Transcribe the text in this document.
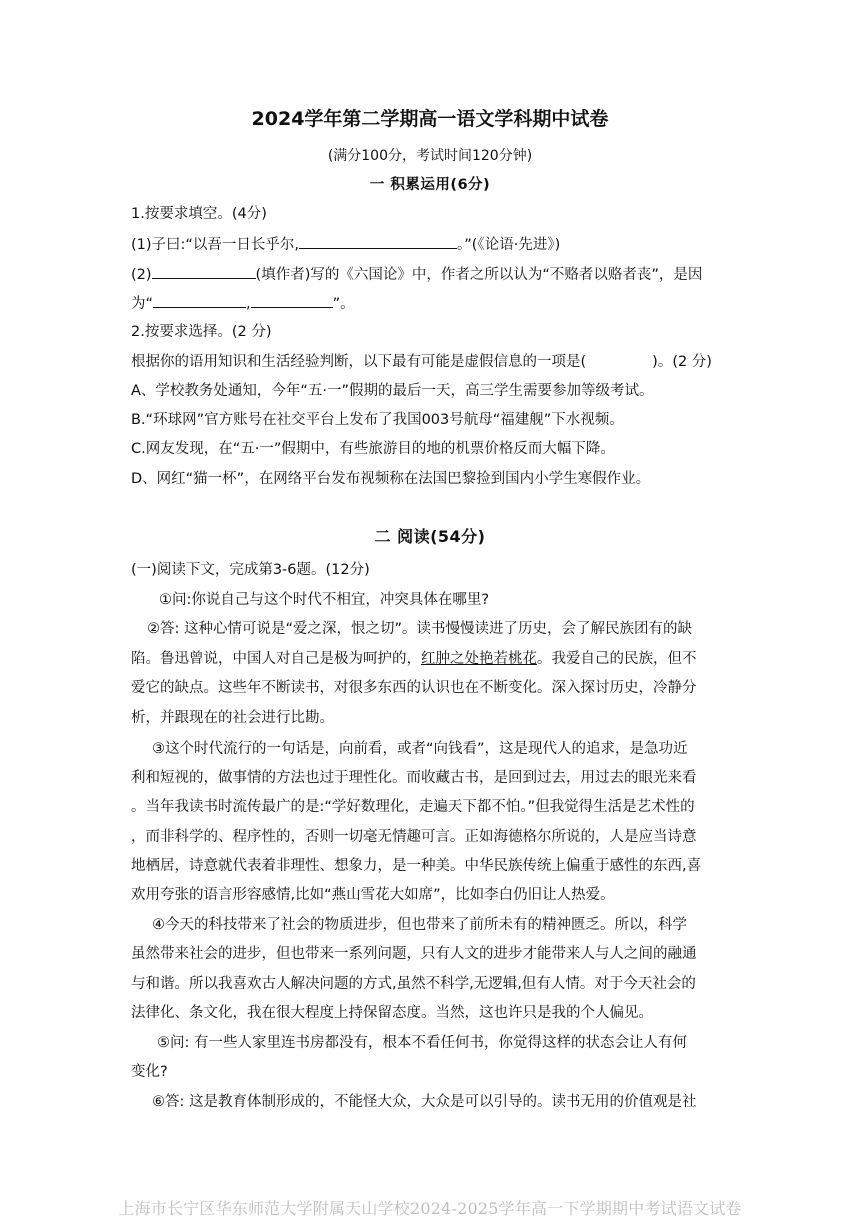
2024学年第二学期高一语文学科期中试卷
(满分100分，考试时间120分钟)
一 积累运用(6分)
1.按要求填空。(4分)
(1)子曰:“以吾一日长乎尔,	。”(《论语·先进》)
(2)	(填作者)写的《六国论》中，作者之所以认为“不赂者以赂者丧”，是因
为“	,	”。
2.按要求选择。(2 分)
根据你的语用知识和生活经验判断，以下最有可能是虚假信息的一项是(	)。(2 分)
A、学校教务处通知，今年“五·一”假期的最后一天，高三学生需要参加等级考试。
B.“环球网”官方账号在社交平台上发布了我国003号航母“福建舰”下水视频。
C.网友发现，在“五·一”假期中，有些旅游目的地的机票价格反而大幅下降。
D、网红“猫一杯”，在网络平台发布视频称在法国巴黎捡到国内小学生寒假作业。
二 阅读(54分)
(一)阅读下文，完成第3-6题。(12分)
①问:你说自己与这个时代不相宜，冲突具体在哪里?
②答: 这种心情可说是“爱之深，恨之切”。读书慢慢读进了历史，会了解民族团有的缺
陷。鲁迅曾说，中国人对自己是极为呵护的，红肿之处艳若桃花。我爱自己的民族，但不
爱它的缺点。这些年不断读书，对很多东西的认识也在不断变化。深入探讨历史，冷静分
析，并跟现在的社会进行比勘。
③这个时代流行的一句话是，向前看，或者“向钱看”，这是现代人的追求，是急功近
利和短视的，做事情的方法也过于理性化。而收藏古书，是回到过去，用过去的眼光来看
。当年我读书时流传最广的是:“学好数理化，走遍天下都不怕。”但我觉得生活是艺术性的
，而非科学的、程序性的，否则一切毫无情趣可言。正如海德格尔所说的，人是应当诗意
地栖居，诗意就代表着非理性、想象力，是一种美。中华民族传统上偏重于感性的东西,喜
欢用夸张的语言形容感情,比如“燕山雪花大如席”，比如李白仍旧让人热爱。
④今天的科技带来了社会的物质进步，但也带来了前所未有的精神匮乏。所以，科学
虽然带来社会的进步，但也带来一系列问题，只有人文的进步才能带来人与人之间的融通
与和谐。所以我喜欢古人解决问题的方式,虽然不科学,无逻辑,但有人情。对于今天社会的
法律化、条文化，我在很大程度上持保留态度。当然，这也许只是我的个人偏见。
⑤问: 有一些人家里连书房都没有，根本不看任何书，你觉得这样的状态会让人有何
变化?
⑥答: 这是教育体制形成的，不能怪大众，大众是可以引导的。读书无用的价值观是社
上海市长宁区华东师范大学附属天山学校2024-2025学年高一下学期期中考试语文试卷
